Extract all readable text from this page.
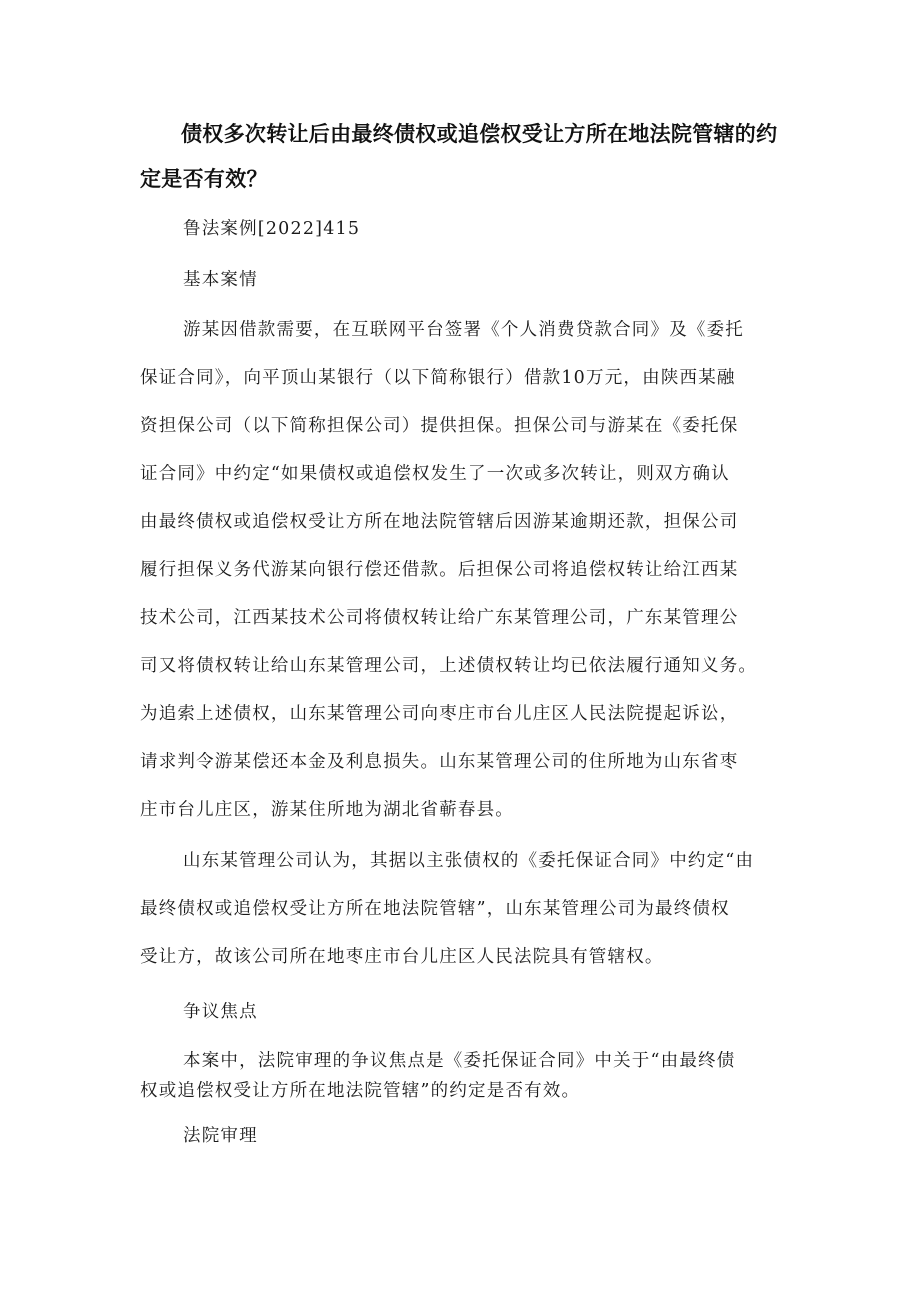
债权多次转让后由最终债权或追偿权受让方所在地法院管辖的约定是否有效？

鲁法案例[2022]415

基本案情

游某因借款需要，在互联网平台签署《个人消费贷款合同》及《委托

保证合同》，向平顶山某银行（以下简称银行）借款10万元，由陕西某融

资担保公司（以下简称担保公司）提供担保。担保公司与游某在《委托保

证合同》中约定“如果债权或追偿权发生了一次或多次转让，则双方确认

由最终债权或追偿权受让方所在地法院管辖后因游某逾期还款，担保公司

履行担保义务代游某向银行偿还借款。后担保公司将追偿权转让给江西某

技术公司，江西某技术公司将债权转让给广东某管理公司，广东某管理公

司又将债权转让给山东某管理公司，上述债权转让均已依法履行通知义务。

为追索上述债权，山东某管理公司向枣庄市台儿庄区人民法院提起诉讼，

请求判令游某偿还本金及利息损失。山东某管理公司的住所地为山东省枣

庄市台儿庄区，游某住所地为湖北省蕲春县。

山东某管理公司认为，其据以主张债权的《委托保证合同》中约定“由

最终债权或追偿权受让方所在地法院管辖”，山东某管理公司为最终债权

受让方，故该公司所在地枣庄市台儿庄区人民法院具有管辖权。

争议焦点

本案中，法院审理的争议焦点是《委托保证合同》中关于“由最终债

权或追偿权受让方所在地法院管辖”的约定是否有效。

法院审理
